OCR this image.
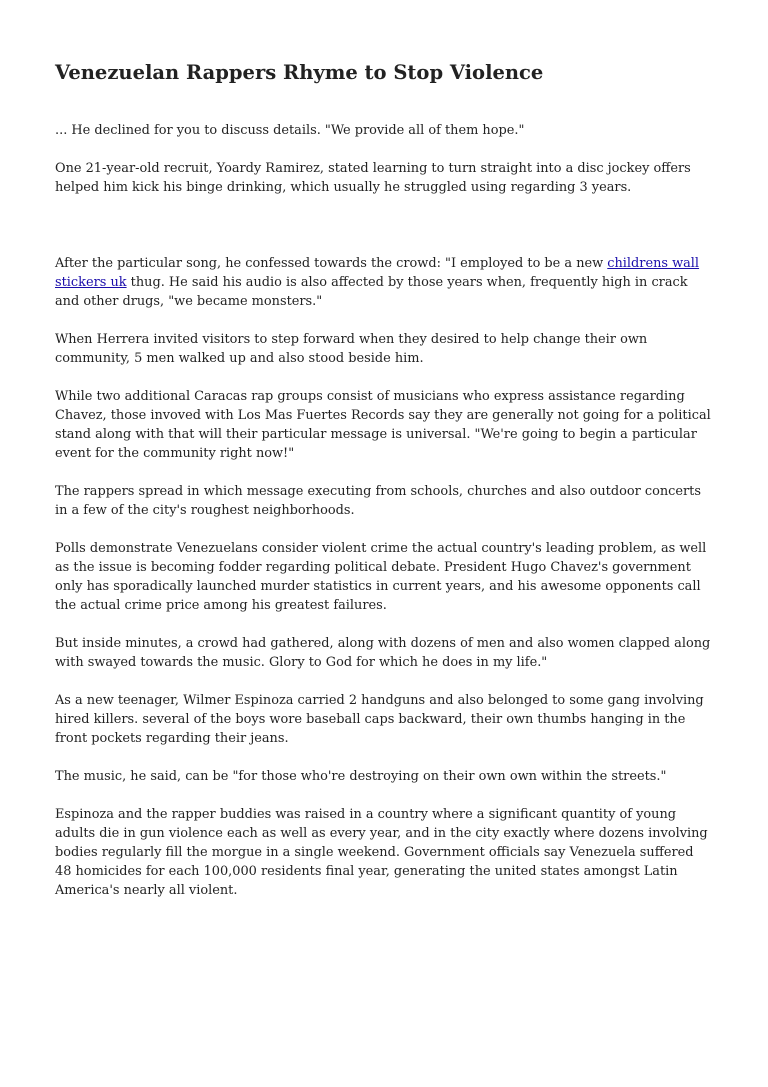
Venezuelan Rappers Rhyme to Stop Violence

... He declined for you to discuss details. "We provide all of them hope."

One 21-year-old recruit, Yoardy Ramirez, stated learning to turn straight into a disc jockey offers helped him kick his binge drinking, which usually he struggled using regarding 3 years.

After the particular song, he confessed towards the crowd: "I employed to be a new childrens wall stickers uk thug. He said his audio is also affected by those years when, frequently high in crack and other drugs, "we became monsters."

When Herrera invited visitors to step forward when they desired to help change their own community, 5 men walked up and also stood beside him.

While two additional Caracas rap groups consist of musicians who express assistance regarding Chavez, those invoved with Los Mas Fuertes Records say they are generally not going for a political stand along with that will their particular message is universal. "We're going to begin a particular event for the community right now!"

The rappers spread in which message executing from schools, churches and also outdoor concerts in a few of the city's roughest neighborhoods.

Polls demonstrate Venezuelans consider violent crime the actual country's leading problem, as well as the issue is becoming fodder regarding political debate. President Hugo Chavez's government only has sporadically launched murder statistics in current years, and his awesome opponents call the actual crime price among his greatest failures.

But inside minutes, a crowd had gathered, along with dozens of men and also women clapped along with swayed towards the music. Glory to God for which he does in my life."

As a new teenager, Wilmer Espinoza carried 2 handguns and also belonged to some gang involving hired killers. several of the boys wore baseball caps backward, their own thumbs hanging in the front pockets regarding their jeans.

The music, he said, can be "for those who're destroying on their own own within the streets."

Espinoza and the rapper buddies was raised in a country where a significant quantity of young adults die in gun violence each as well as every year, and in the city exactly where dozens involving bodies regularly fill the morgue in a single weekend. Government officials say Venezuela suffered 48 homicides for each 100,000 residents final year, generating the united states amongst Latin America's nearly all violent.
